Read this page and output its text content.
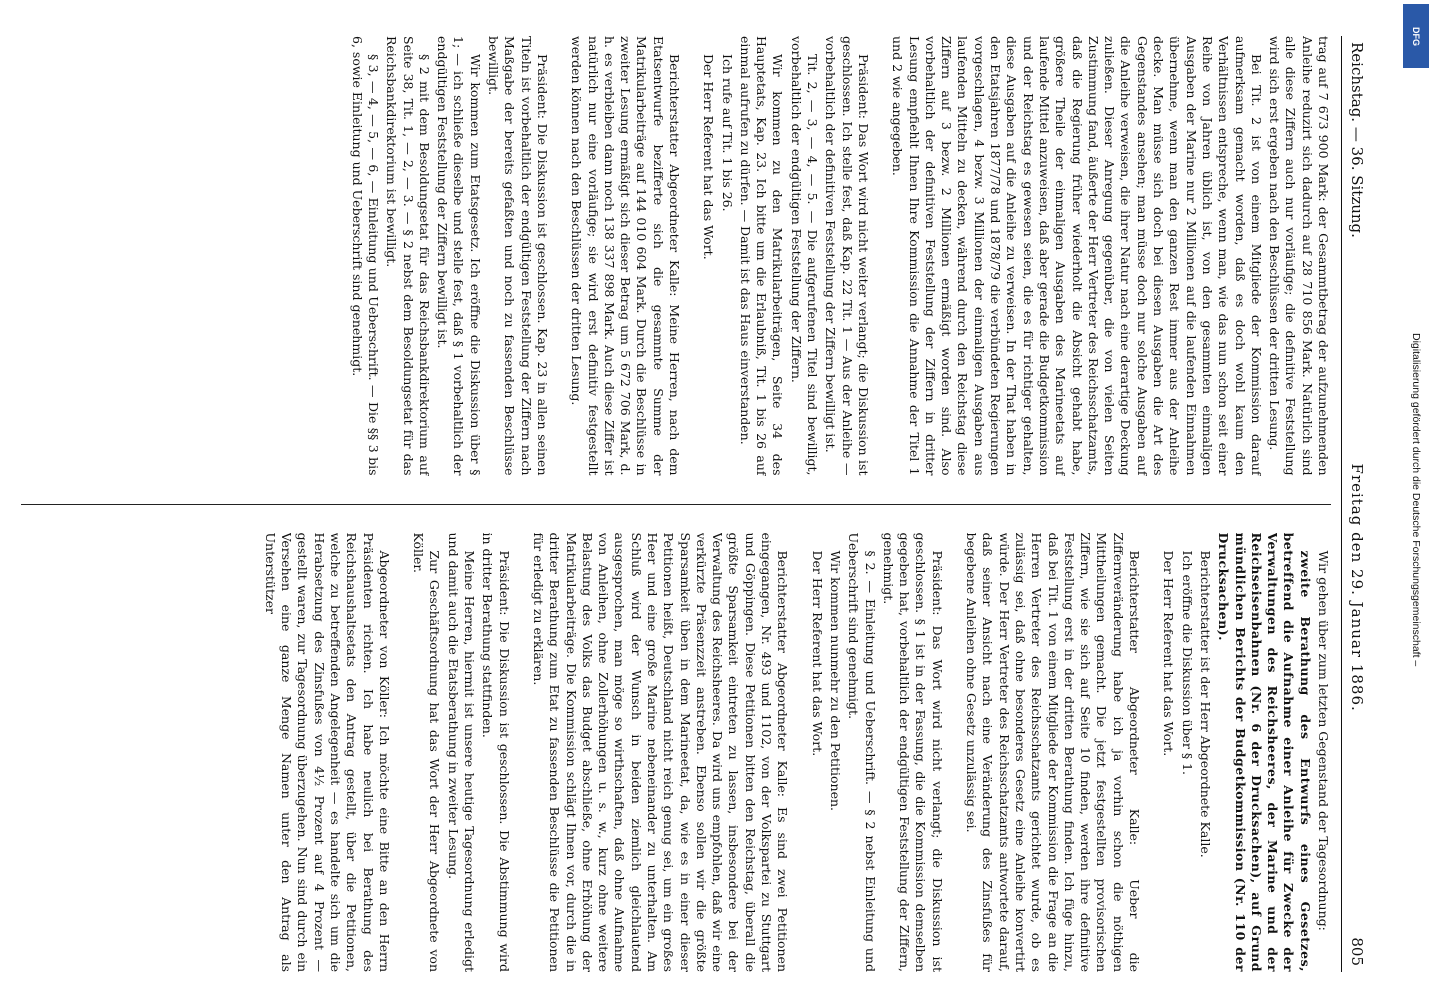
Reichstag. — 36. Sitzung.
Freitag den 29. Januar 1886.
805

trag auf 7 673 900 Mark: der Gesammtbetrag der aufzunehmenden Anleihe reduzirt sich dadurch auf 28 710 856 Mark. Natürlich sind alle diese Ziffern auch nur vorläufige; die definitive Feststellung wird sich erst ergeben nach den Beschlüssen der dritten Lesung.

Bei Tit. 2 ist von einem Mitgliede der Kommission darauf aufmerksam gemacht worden, daß es doch wohl kaum den Verhältnissen entspreche, wenn man, wie das nun schon seit einer Reihe von Jahren üblich ist, von den gesammten einmaligen Ausgaben der Marine nur 2 Millionen auf die laufenden Einnahmen übernehme, wenn man den ganzen Rest immer aus der Anleihe decke. Man müsse sich doch bei diesen Ausgaben die Art des Gegenstandes ansehen; man müsse doch nur solche Ausgaben auf die Anleihe verweisen, die ihrer Natur nach eine derartige Deckung zuließen. Dieser Anregung gegenüber, die von vielen Seiten Zustimmung fand, äußerte der Herr Vertreter des Reichsschatzamts, daß die Regierung früher wiederholt die Absicht gehabt habe, größere Theile der einmaligen Ausgaben des Marineetats auf laufende Mittel anzuweisen, daß aber gerade die Budgetkommission und der Reichstag es gewesen seien, die es für richtiger gehalten, diese Ausgaben auf die Anleihe zu verweisen. In der That haben in den Etatsjahren 1877/78 und 1878/79 die verbündeten Regierungen vorgeschlagen, 4 bezw. 3 Millionen der einmaligen Ausgaben aus laufenden Mitteln zu decken, während durch den Reichstag diese Ziffern auf 3 bezw. 2 Millionen ermäßigt worden sind. Also vorbehaltlich der definitiven Feststellung der Ziffern in dritter Lesung empfiehlt Ihnen Ihre Kommission die Annahme der Titel 1 und 2 wie angegeben.

Präsident: Das Wort wird nicht weiter verlangt; die Diskussion ist geschlossen. Ich stelle fest, daß Kap. 22 Tit. 1 — Aus der Anleihe — vorbehaltlich der definitiven Feststellung der Ziffern bewilligt ist.

Tit. 2, — 3, — 4, — 5. — Die aufgerufenen Titel sind bewilligt, vorbehaltlich der endgültigen Feststellung der Ziffern.

Wir kommen zu den Matrikularbeiträgen, Seite 34 des Hauptetats, Kap. 23. Ich bitte um die Erlaubniß, Tit. 1 bis 26 auf einmal aufrufen zu dürfen. — Damit ist das Haus einverstanden.

Ich rufe auf Tit. 1 bis 26.

Der Herr Referent hat das Wort.

Berichterstatter Abgeordneter Kalle: Meine Herren, nach dem Etatsentwurfe bezifferte sich die gesammte Summe der Matrikularbeiträge auf 144 010 604 Mark. Durch die Beschlüsse in zweiter Lesung ermäßigt sich dieser Betrag um 5 672 706 Mark, d. h. es verbleiben dann noch 138 337 898 Mark. Auch diese Ziffer ist natürlich nur eine vorläufige; sie wird erst definitiv festgestellt werden können nach den Beschlüssen der dritten Lesung.

Präsident: Die Diskussion ist geschlossen. Kap. 23 in allen seinen Titeln ist vorbehaltlich der endgültigen Feststellung der Ziffern nach Maßgabe der bereits gefaßten und noch zu fassenden Beschlüsse bewilligt.

Wir kommen zum Etatsgesetz. Ich eröffne die Diskussion über § 1; — ich schließe dieselbe und stelle fest, daß § 1 vorbehaltlich der endgültigen Feststellung der Ziffern bewilligt ist.

§ 2 mit dem Besoldungsetat für das Reichsbankdirektorium auf Seite 38, Tit. 1, — 2, — 3. — § 2 nebst dem Besoldungsetat für das Reichsbankdirektorium ist bewilligt.

§ 3, — 4, — 5, — 6, — Einleitung und Ueberschrift. — Die §§ 3 bis 6, sowie Einleitung und Ueberschrift sind genehmigt.

Wir gehen über zum letzten Gegenstand der Tagesordnung:

zweite Berathung des Entwurfs eines Gesetzes, betreffend die Aufnahme einer Anleihe für Zwecke der Verwaltungen des Reichsheeres, der Marine und der Reichseisenbahnen (Nr. 6 der Drucksachen), auf Grund mündlichen Berichts der Budgetkommission (Nr. 110 der Drucksachen).

Berichterstatter ist der Herr Abgeordnete Kalle.

Ich eröffne die Diskussion über § 1.

Der Herr Referent hat das Wort.

Berichterstatter Abgeordneter Kalle: Ueber die Ziffernveränderung habe ich ja vorhin schon die nöthigen Mittheilungen gemacht. Die jetzt festgestellten provisorischen Ziffern, wie sie sich auf Seite 10 finden, werden ihre definitive Feststellung erst in der dritten Berathung finden. Ich füge hinzu, daß bei Tit. 1 von einem Mitgliede der Kommission die Frage an die Herren Vertreter des Reichsschatzamts gerichtet wurde, ob es zulässig sei, daß ohne besonderes Gesetz eine Anleihe konvertirt würde. Der Herr Vertreter des Reichsschatzamts antwortete darauf, daß seiner Ansicht nach eine Veränderung des Zinsfußes für begebene Anleihen ohne Gesetz unzulässig sei.

Präsident: Das Wort wird nicht verlangt; die Diskussion ist geschlossen. § 1 ist in der Fassung, die die Kommission demselben gegeben hat, vorbehaltlich der endgültigen Feststellung der Ziffern, genehmigt.

§ 2. — Einleitung und Ueberschrift. — § 2 nebst Einleitung und Ueberschrift sind genehmigt.

Wir kommen nunmehr zu den Petitionen.

Der Herr Referent hat das Wort.

Berichterstatter Abgeordneter Kalle: Es sind zwei Petitionen eingegangen, Nr. 493 und 1102, von der Volkspartei zu Stuttgart und Göppingen. Diese Petitionen bitten den Reichstag, überall die größte Sparsamkeit eintreten zu lassen, insbesondere bei der Verwaltung des Reichsheeres. Da wird uns empfohlen, daß wir eine verkürzte Präsenzzeit anstreben. Ebenso sollen wir die größte Sparsamkeit üben in dem Marineetat, da, wie es in einer dieser Petitionen heißt, Deutschland nicht reich genug sei, um ein großes Heer und eine große Marine nebeneinander zu unterhalten. Am Schluß wird der Wunsch in beiden ziemlich gleichlautend ausgesprochen, man möge so wirthschaften, daß ohne Aufnahme von Anleihen, ohne Zollerhöhungen u. s. w., kurz ohne weitere Belastung des Volks das Budget abschließe, ohne Erhöhung der Matrikularbeiträge. Die Kommission schlägt Ihnen vor, durch die in dritter Berathung zum Etat zu fassenden Beschlüsse die Petitionen für erledigt zu erklären.

Präsident: Die Diskussion ist geschlossen. Die Abstimmung wird in dritter Berathung stattfinden.

Meine Herren, hiermit ist unsere heutige Tagesordnung erledigt und damit auch die Etatsberathung in zweiter Lesung.

Zur Geschäftsordnung hat das Wort der Herr Abgeordnete von Köller.

Abgeordneter von Köller: Ich möchte eine Bitte an den Herrn Präsidenten richten. Ich habe neulich bei Berathung des Reichshaushaltsetats den Antrag gestellt, über die Petitionen, welche zu betreffenden Angelegenheit — es handelte sich um die Herabsetzung des Zinsfußes von 4½ Prozent auf 4 Prozent — gestellt waren, zur Tagesordnung überzugehen. Nun sind durch ein Versehen eine ganze Menge Namen unter den Antrag als Unterstützer	Digitalisierung gefördert durch die Deutsche Forschungsgemeinschaft –
DFG
